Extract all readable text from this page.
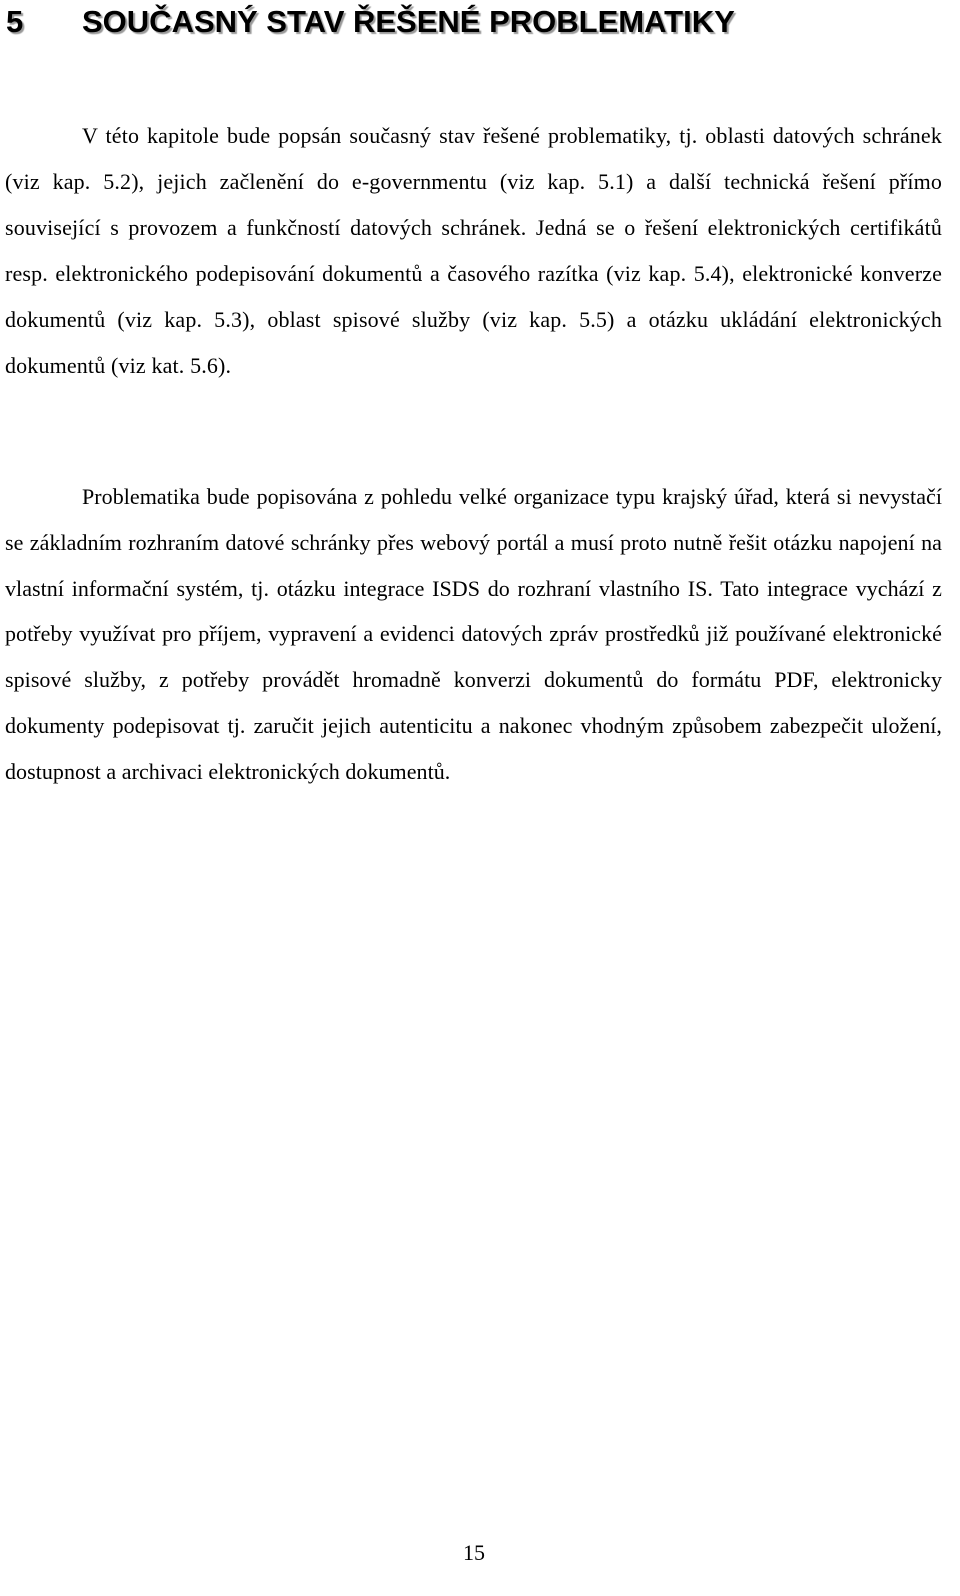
5 SOUČASNÝ STAV ŘEŠENÉ PROBLEMATIKY

V této kapitole bude popsán současný stav řešené problematiky, tj. oblasti datových schránek (viz kap. 5.2), jejich začlenění do e-governmentu (viz kap. 5.1) a další technická řešení přímo související s provozem a funkčností datových schránek. Jedná se o řešení elektronických certifikátů resp. elektronického podepisování dokumentů a časového razítka (viz kap. 5.4), elektronické konverze dokumentů (viz kap. 5.3), oblast spisové služby (viz kap. 5.5) a otázku ukládání elektronických dokumentů (viz kat. 5.6).

Problematika bude popisována z pohledu velké organizace typu krajský úřad, která si nevystačí se základním rozhraním datové schránky přes webový portál a musí proto nutně řešit otázku napojení na vlastní informační systém, tj. otázku integrace ISDS do rozhraní vlastního IS. Tato integrace vychází z potřeby využívat pro příjem, vypravení a evidenci datových zpráv prostředků již používané elektronické spisové služby, z potřeby provádět hromadně konverzi dokumentů do formátu PDF, elektronicky dokumenty podepisovat tj. zaručit jejich autenticitu a nakonec vhodným způsobem zabezpečit uložení, dostupnost a archivaci elektronických dokumentů.

15
